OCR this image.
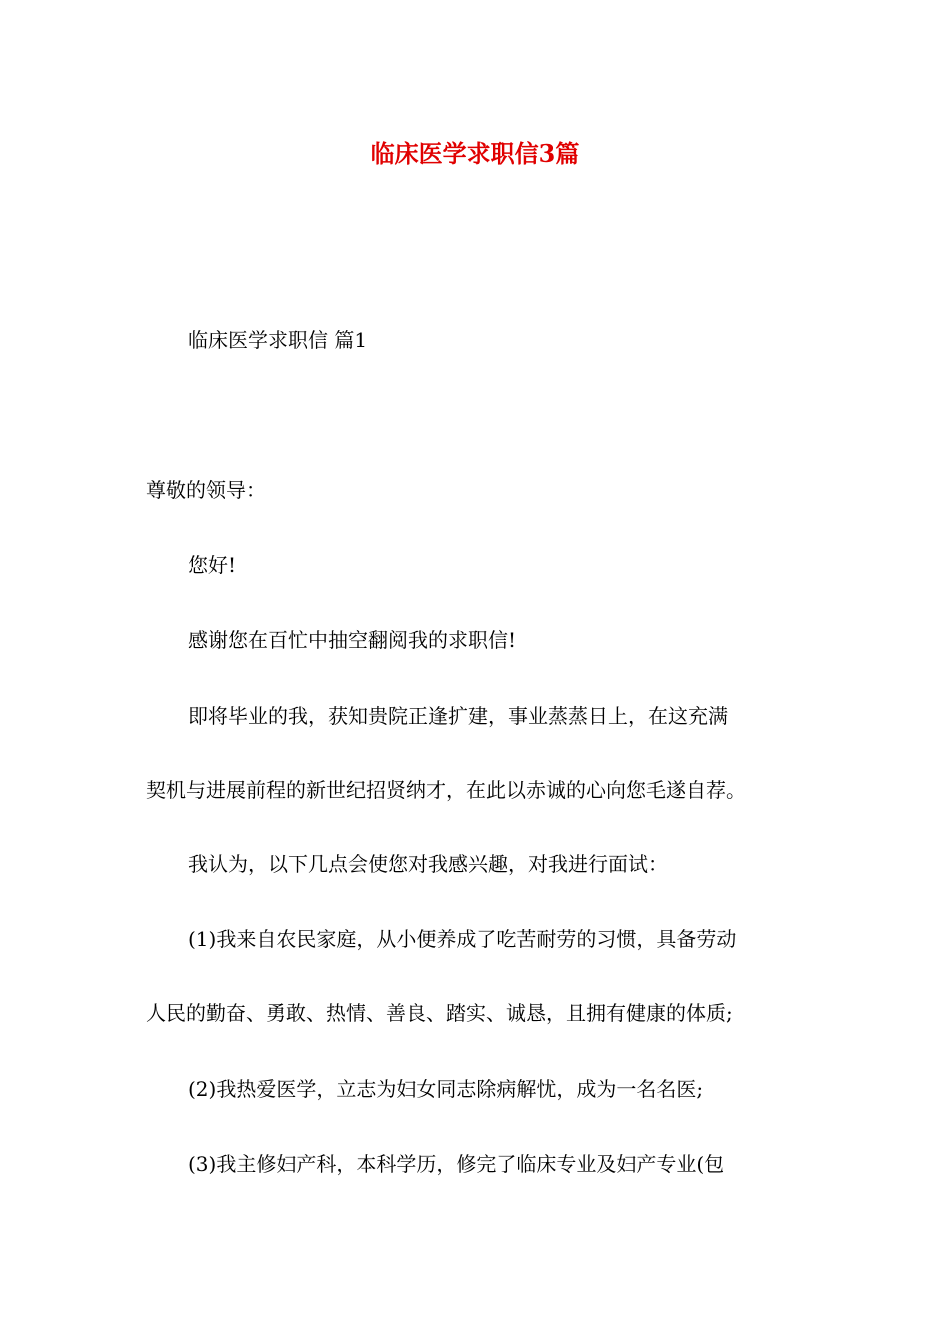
临床医学求职信3篇

临床医学求职信 篇1

尊敬的领导：

您好!

感谢您在百忙中抽空翻阅我的求职信!

即将毕业的我，获知贵院正逢扩建，事业蒸蒸日上，在这充满

契机与进展前程的新世纪招贤纳才，在此以赤诚的心向您毛遂自荐。

我认为，以下几点会使您对我感兴趣，对我进行面试：

(1)我来自农民家庭，从小便养成了吃苦耐劳的习惯，具备劳动

人民的勤奋、勇敢、热情、善良、踏实、诚恳，且拥有健康的体质;

(2)我热爱医学，立志为妇女同志除病解忧，成为一名名医;

(3)我主修妇产科，本科学历，修完了临床专业及妇产专业(包
